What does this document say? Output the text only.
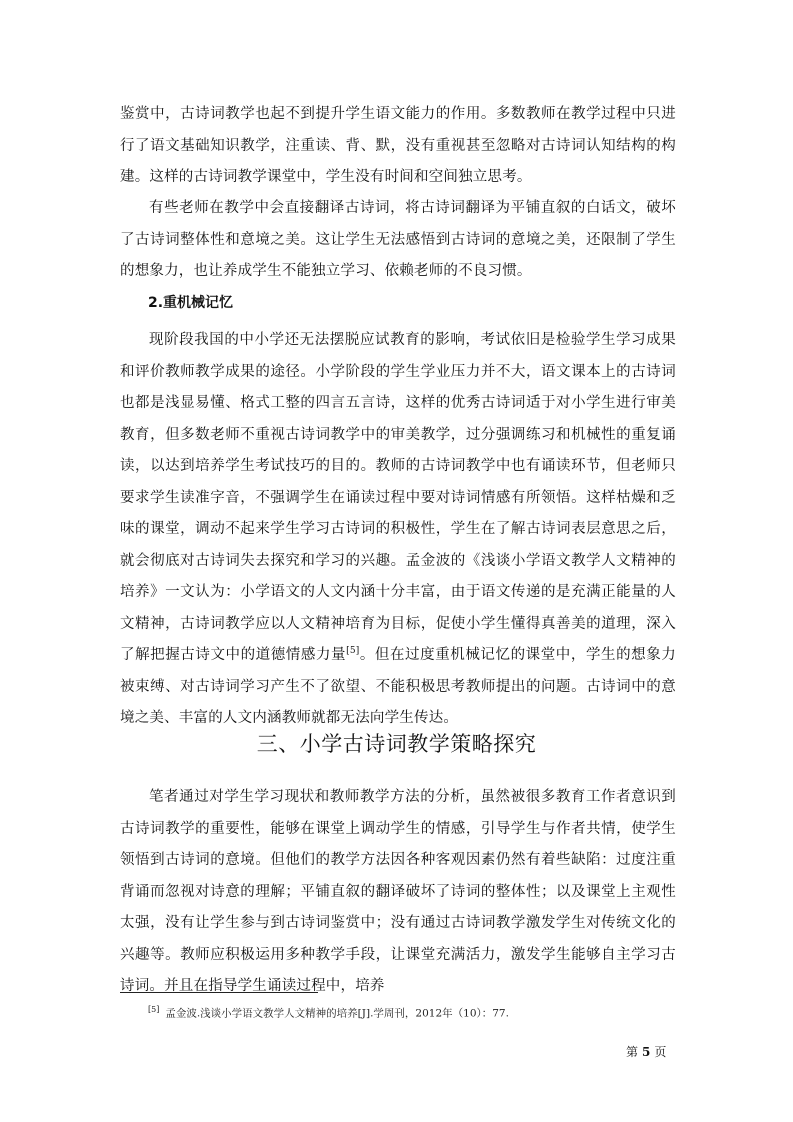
鉴赏中，古诗词教学也起不到提升学生语文能力的作用。多数教师在教学过程中只进行了语文基础知识教学，注重读、背、默，没有重视甚至忽略对古诗词认知结构的构建。这样的古诗词教学课堂中，学生没有时间和空间独立思考。

有些老师在教学中会直接翻译古诗词，将古诗词翻译为平铺直叙的白话文，破坏了古诗词整体性和意境之美。这让学生无法感悟到古诗词的意境之美，还限制了学生的想象力，也让养成学生不能独立学习、依赖老师的不良习惯。

2.重机械记忆

现阶段我国的中小学还无法摆脱应试教育的影响，考试依旧是检验学生学习成果和评价教师教学成果的途径。小学阶段的学生学业压力并不大，语文课本上的古诗词也都是浅显易懂、格式工整的四言五言诗，这样的优秀古诗词适于对小学生进行审美教育，但多数老师不重视古诗词教学中的审美教学，过分强调练习和机械性的重复诵读，以达到培养学生考试技巧的目的。教师的古诗词教学中也有诵读环节，但老师只要求学生读准字音，不强调学生在诵读过程中要对诗词情感有所领悟。这样枯燥和乏味的课堂，调动不起来学生学习古诗词的积极性，学生在了解古诗词表层意思之后，就会彻底对古诗词失去探究和学习的兴趣。孟金波的《浅谈小学语文教学人文精神的培养》一文认为：小学语文的人文内涵十分丰富，由于语文传递的是充满正能量的人文精神，古诗词教学应以人文精神培育为目标，促使小学生懂得真善美的道理，深入了解把握古诗文中的道德情感力量[5]。但在过度重机械记忆的课堂中，学生的想象力被束缚、对古诗词学习产生不了欲望、不能积极思考教师提出的问题。古诗词中的意境之美、丰富的人文内涵教师就都无法向学生传达。

三、小学古诗词教学策略探究

笔者通过对学生学习现状和教师教学方法的分析，虽然被很多教育工作者意识到古诗词教学的重要性，能够在课堂上调动学生的情感，引导学生与作者共情，使学生领悟到古诗词的意境。但他们的教学方法因各种客观因素仍然有着些缺陷：过度注重背诵而忽视对诗意的理解；平铺直叙的翻译破坏了诗词的整体性；以及课堂上主观性太强，没有让学生参与到古诗词鉴赏中；没有通过古诗词教学激发学生对传统文化的兴趣等。教师应积极运用多种教学手段，让课堂充满活力，激发学生能够自主学习古诗词。并且在指导学生诵读过程中，培养

[5] 孟金波.浅谈小学语文教学人文精神的培养[J].学周刊，2012年（10）：77.
第 5 页
